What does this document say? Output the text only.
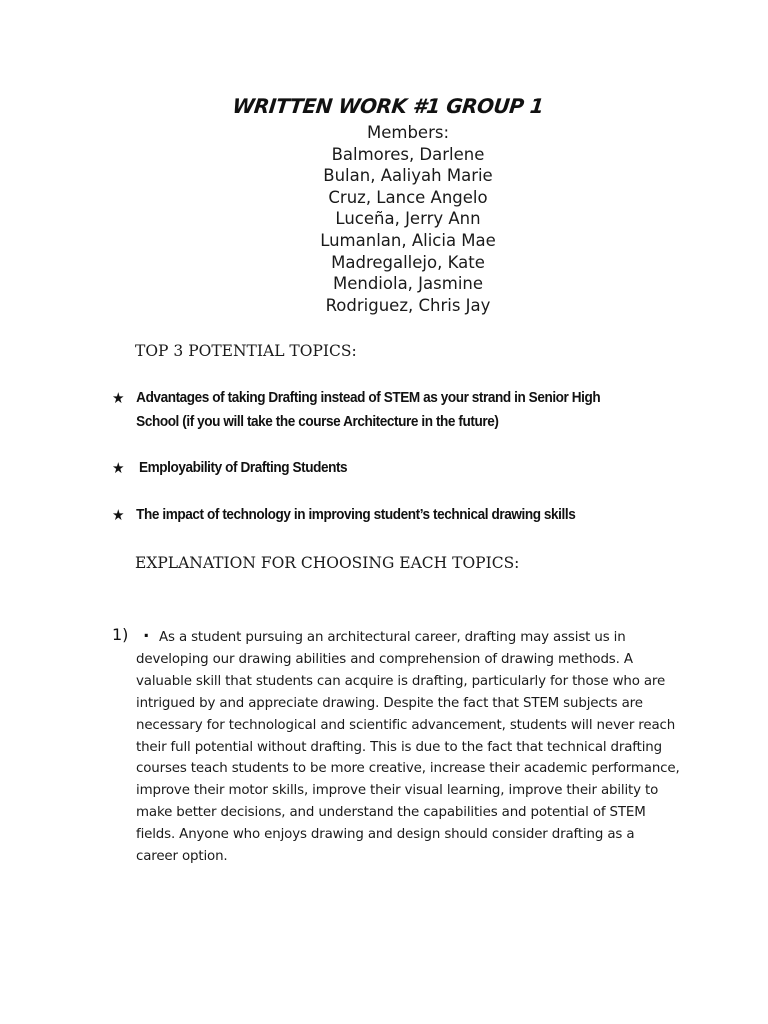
WRITTEN WORK #1 GROUP 1
Members:
Balmores, Darlene
Bulan, Aaliyah Marie
Cruz, Lance Angelo
Luceña, Jerry Ann
Lumanlan, Alicia Mae
Madregallejo, Kate
Mendiola, Jasmine
Rodriguez, Chris Jay
TOP 3 POTENTIAL TOPICS:
★ Advantages of taking Drafting instead of STEM as your strand in Senior High School (if you will take the course Architecture in the future)
★ Employability of Drafting Students
★ The impact of technology in improving student’s technical drawing skills
EXPLANATION FOR CHOOSING EACH TOPICS:
1) . As a student pursuing an architectural career, drafting may assist us in developing our drawing abilities and comprehension of drawing methods. A valuable skill that students can acquire is drafting, particularly for those who are intrigued by and appreciate drawing. Despite the fact that STEM subjects are necessary for technological and scientific advancement, students will never reach their full potential without drafting. This is due to the fact that technical drafting courses teach students to be more creative, increase their academic performance, improve their motor skills, improve their visual learning, improve their ability to make better decisions, and understand the capabilities and potential of STEM fields. Anyone who enjoys drawing and design should consider drafting as a career option.
